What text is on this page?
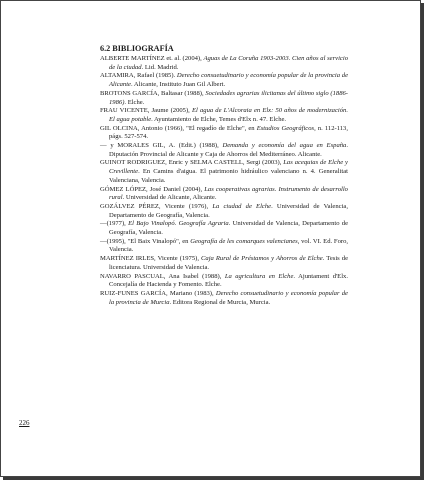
6.2 BIBLIOGRAFÍA
ALBERTE MARTÍNEZ et. al. (2004), Aguas de La Coruña 1903-2003. Cien años al servicio de la ciudad. Lid. Madrid.
ALTAMIRA, Rafael (1985). Derecho consuetudinario y economía popular de la provincia de Alicante. Alicante, Instituto Juan Gil Albert.
BROTONS GARCÍA, Baltasar (1988), Sociedades agrarias ilicitanas del último siglo (1886-1986). Elche.
FRAU VICENTE, Jaume (2005), El agua de L'Alcoraia en Elx: 50 años de modernización. El agua potable. Ayuntamiento de Elche, Temes d'Elx n. 47. Elche.
GIL OLCINA, Antonio (1966), "El regadío de Elche", en Estudios Geográficos, n. 112-113, págs. 527-574.
— y MORALES GIL, A. (Edit.) (1988), Demanda y economía del agua en España. Diputación Provincial de Alicante y Caja de Ahorros del Mediterráneo. Alicante.
GUINOT RODRIGUEZ, Enric y SELMA CASTELL, Sergi (2003), Las acequias de Elche y Crevillente. En Camins d'aigua. El patrimonio hidráulico valenciano n. 4. Generalitat Valenciana, Valencia.
GÓMEZ LÓPEZ, José Daniel (2004), Las cooperativas agrarias. Instrumento de desarrollo rural. Universidad de Alicante, Alicante.
GOZÁLVEZ PÉREZ, Vicente (1976), La ciudad de Elche. Universidad de Valencia, Departamento de Geografía, Valencia.
—(1977), El Bajo Vinalopó. Geografía Agraria. Universidad de Valencia, Departamento de Geografía, Valencia.
—(1995), "El Baix Vinalopó", en Geografía de les comarques valencianes, vol. VI. Ed. Foro, Valencia.
MARTÍNEZ IRLES, Vicente (1975), Caja Rural de Préstamos y Ahorros de Elche. Tesis de licenciatura. Universidad de Valencia.
NAVARRO PASCUAL, Ana Isabel (1988), La agricultura en Elche. Ajuntament d'Elx. Concejalía de Hacienda y Fomento. Elche.
RUIZ-FUNES GARCÍA, Mariano (1983), Derecho consuetudinario y economía popular de la provincia de Murcia. Editora Regional de Murcia, Murcia.
226
